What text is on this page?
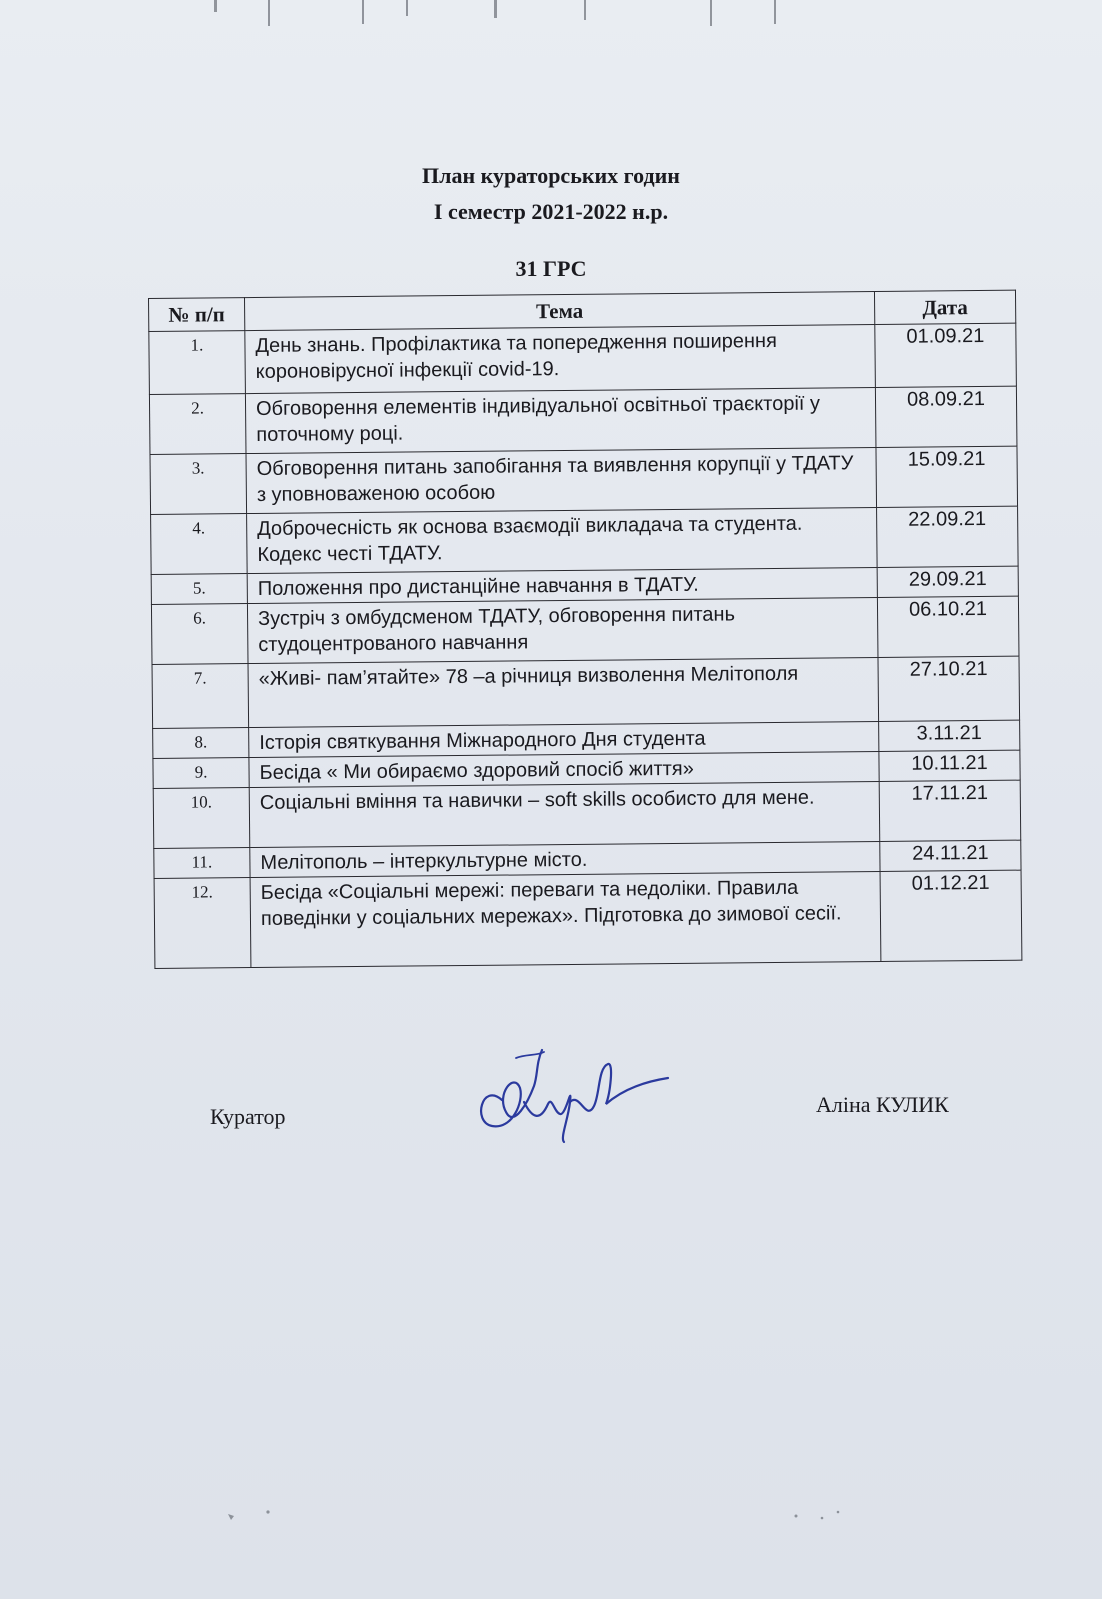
План кураторських годин
І семестр 2021-2022 н.р.
31 ГРС
№ п/п	Тема	Дата
1.	День знань. Профілактика та попередження поширення короновірусної інфекції covid-19.	01.09.21
2.	Обговорення елементів індивідуальної освітньої траєкторії у поточному році.	08.09.21
3.	Обговорення питань запобігання та виявлення корупції у ТДАТУ з уповноваженою особою	15.09.21
4.	Доброчесність як основа взаємодії викладача та студента. Кодекс честі ТДАТУ.	22.09.21
5.	Положення про дистанційне навчання в ТДАТУ.	29.09.21
6.	Зустріч з омбудсменом ТДАТУ, обговорення питань студоцентрованого навчання	06.10.21
7.	«Живі- пам’ятайте» 78 –а річниця визволення Мелітополя	27.10.21
8.	Історія святкування Міжнародного Дня студента	3.11.21
9.	Бесіда « Ми обираємо здоровий спосіб життя»	10.11.21
10.	Соціальні вміння та навички – soft skills особисто для мене.	17.11.21
11.	Мелітополь – інтеркультурне місто.	24.11.21
12.	Бесіда «Соціальні мережі: переваги та недоліки. Правила поведінки у соціальних мережах». Підготовка до зимової сесії.	01.12.21
Куратор	Аліна КУЛИК
